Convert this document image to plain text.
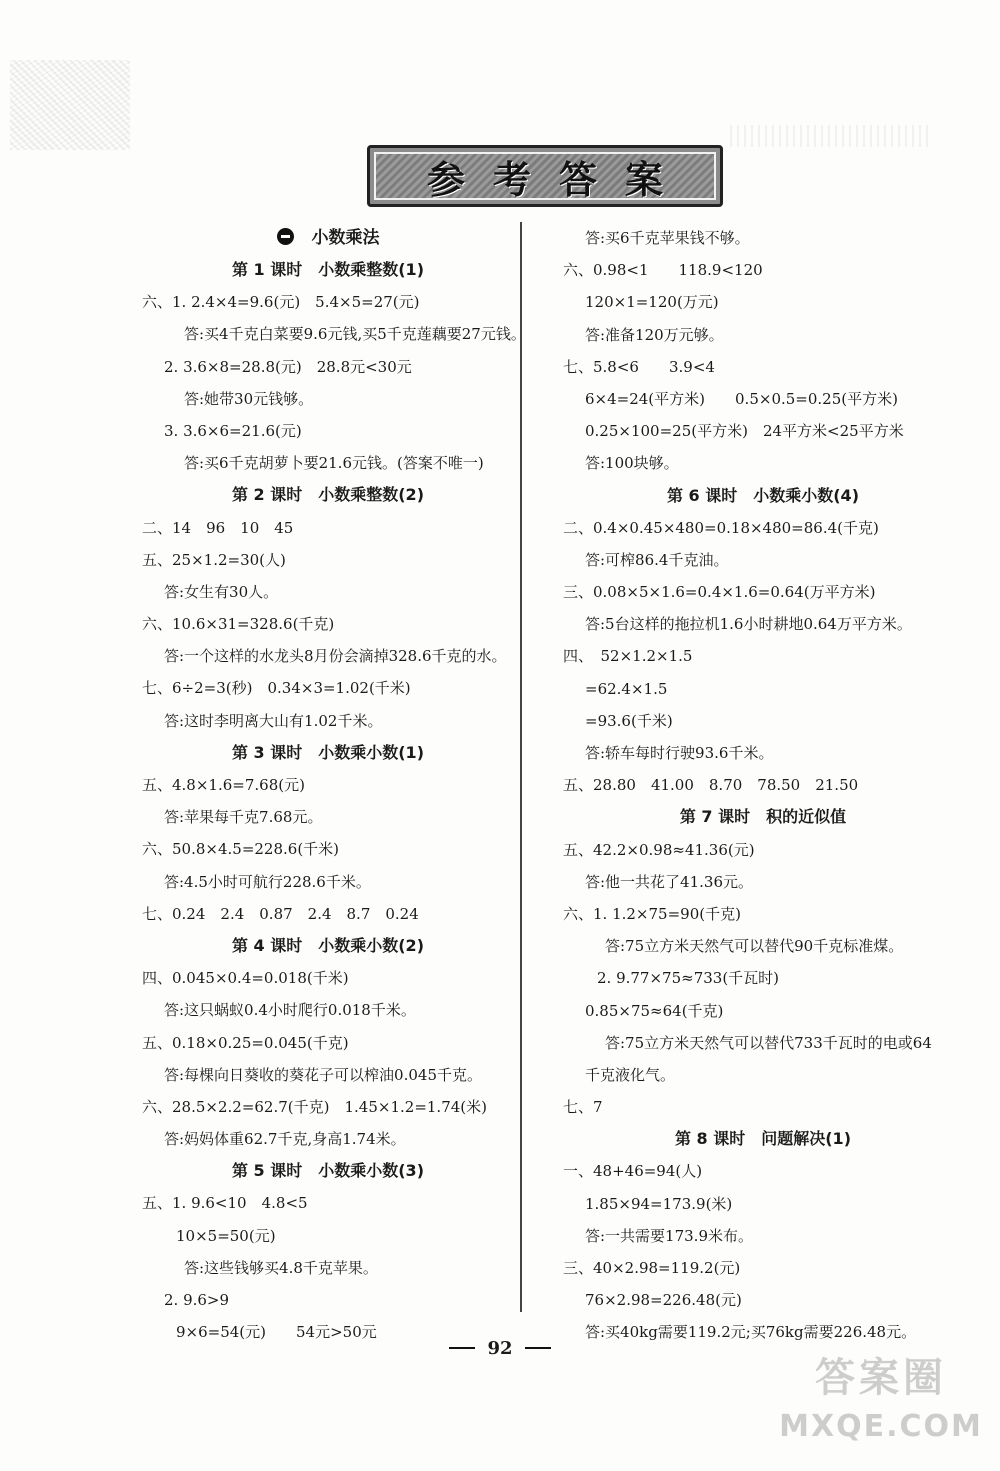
参考答案
小数乘法
第 1 课时　小数乘整数(1)
六、1. 2.4×4=9.6(元)　5.4×5=27(元)
答:买4千克白菜要9.6元钱,买5千克莲藕要27元钱。
2. 3.6×8=28.8(元)　28.8元<30元
答:她带30元钱够。
3. 3.6×6=21.6(元)
答:买6千克胡萝卜要21.6元钱。(答案不唯一)
第 2 课时　小数乘整数(2)
二、14　96　10　45
五、25×1.2=30(人)
答:女生有30人。
六、10.6×31=328.6(千克)
答:一个这样的水龙头8月份会滴掉328.6千克的水。
七、6÷2=3(秒)　0.34×3=1.02(千米)
答:这时李明离大山有1.02千米。
第 3 课时　小数乘小数(1)
五、4.8×1.6=7.68(元)
答:苹果每千克7.68元。
六、50.8×4.5=228.6(千米)
答:4.5小时可航行228.6千米。
七、0.24　2.4　0.87　2.4　8.7　0.24
第 4 课时　小数乘小数(2)
四、0.045×0.4=0.018(千米)
答:这只蜗蚁0.4小时爬行0.018千米。
五、0.18×0.25=0.045(千克)
答:每棵向日葵收的葵花子可以榨油0.045千克。
六、28.5×2.2=62.7(千克)　1.45×1.2=1.74(米)
答:妈妈体重62.7千克,身高1.74米。
第 5 课时　小数乘小数(3)
五、1. 9.6<10　4.8<5
10×5=50(元)
答:这些钱够买4.8千克苹果。
2. 9.6>9
9×6=54(元)　　54元>50元
答:买6千克苹果钱不够。
六、0.98<1　　118.9<120
120×1=120(万元)
答:准备120万元够。
七、5.8<6　　3.9<4
6×4=24(平方米)　　0.5×0.5=0.25(平方米)
0.25×100=25(平方米)　24平方米<25平方米
答:100块够。
第 6 课时　小数乘小数(4)
二、0.4×0.45×480=0.18×480=86.4(千克)
答:可榨86.4千克油。
三、0.08×5×1.6=0.4×1.6=0.64(万平方米)
答:5台这样的拖拉机1.6小时耕地0.64万平方米。
四、　52×1.2×1.5
=62.4×1.5
=93.6(千米)
答:轿车每时行驶93.6千米。
五、28.80　41.00　8.70　78.50　21.50
第 7 课时　积的近似值
五、42.2×0.98≈41.36(元)
答:他一共花了41.36元。
六、1. 1.2×75=90(千克)
答:75立方米天然气可以替代90千克标准煤。
2. 9.77×75≈733(千瓦时)
0.85×75≈64(千克)
答:75立方米天然气可以替代733千瓦时的电或64
千克液化气。
七、7
第 8 课时　问题解决(1)
一、48+46=94(人)
1.85×94=173.9(米)
答:一共需要173.9米布。
三、40×2.98=119.2(元)
76×2.98=226.48(元)
答:买40kg需要119.2元;买76kg需要226.48元。
92
答案圈
MXQE.COM
